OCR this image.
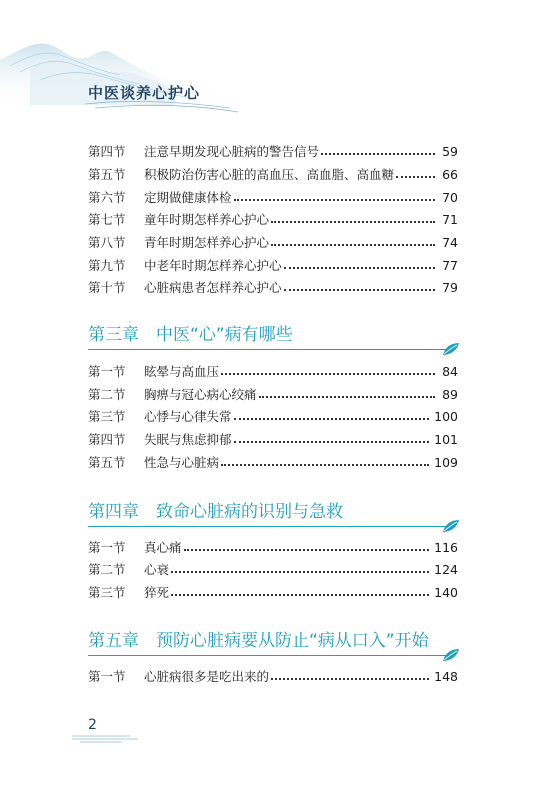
中医谈养心护心
第四节	注意早期发现心脏病的警告信号	59
第五节	积极防治伤害心脏的高血压、高血脂、高血糖	66
第六节	定期做健康体检	70
第七节	童年时期怎样养心护心	71
第八节	青年时期怎样养心护心	74
第九节	中老年时期怎样养心护心	77
第十节	心脏病患者怎样养心护心	79
第三章　中医“心”病有哪些
第一节	眩晕与高血压	84
第二节	胸痹与冠心病心绞痛	89
第三节	心悸与心律失常	100
第四节	失眠与焦虑抑郁	101
第五节	性急与心脏病	109
第四章　致命心脏病的识别与急救
第一节	真心痛	116
第二节	心衰	124
第三节	猝死	140
第五章　预防心脏病要从防止“病从口入”开始
第一节	心脏病很多是吃出来的	148
2
